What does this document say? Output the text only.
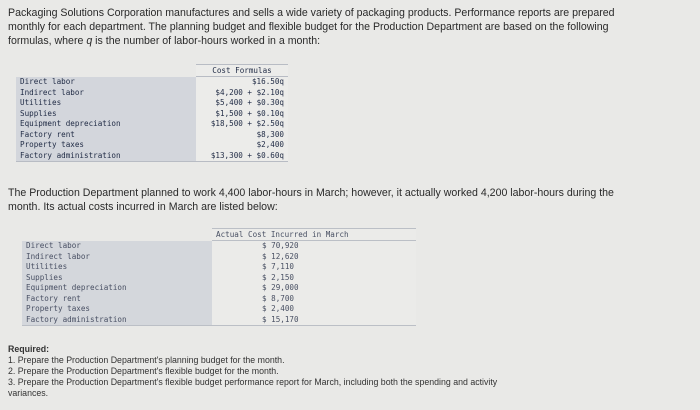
Packaging Solutions Corporation manufactures and sells a wide variety of packaging products. Performance reports are prepared
monthly for each department. The planning budget and flexible budget for the Production Department are based on the following
formulas, where q is the number of labor-hours worked in a month:
	Cost Formulas
Direct labor	$16.50q
Indirect labor	$4,200 + $2.10q
Utilities	$5,400 + $0.30q
Supplies	$1,500 + $0.10q
Equipment depreciation	$18,500 + $2.50q
Factory rent	$8,300
Property taxes	$2,400
Factory administration	$13,300 + $0.60q
The Production Department planned to work 4,400 labor-hours in March; however, it actually worked 4,200 labor-hours during the
month. Its actual costs incurred in March are listed below:
	Actual Cost Incurred in March
Direct labor	$ 70,920
Indirect labor	$ 12,620
Utilities	$ 7,110
Supplies	$ 2,150
Equipment depreciation	$ 29,000
Factory rent	$ 8,700
Property taxes	$ 2,400
Factory administration	$ 15,170
Required:
1. Prepare the Production Department's planning budget for the month.
2. Prepare the Production Department's flexible budget for the month.
3. Prepare the Production Department's flexible budget performance report for March, including both the spending and activity
variances.
